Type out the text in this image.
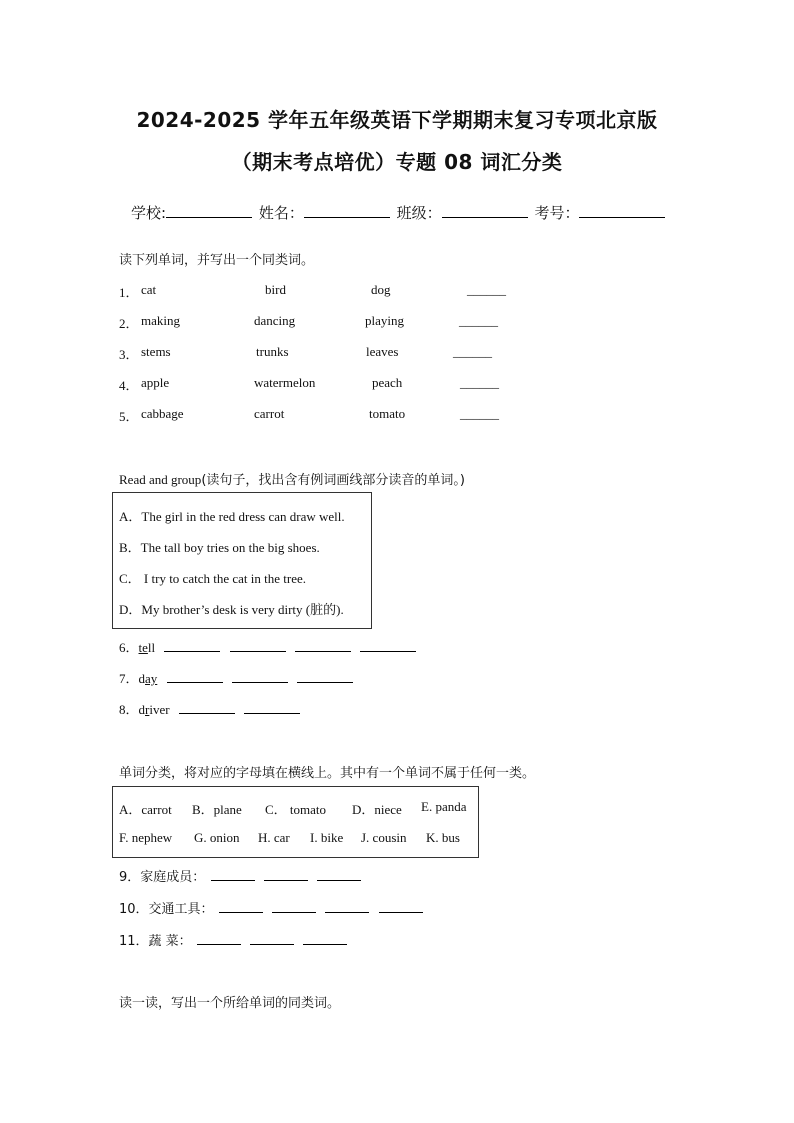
2024-2025 学年五年级英语下学期期末复习专项北京版
（期末考点培优）专题 08 词汇分类
学校:	姓名：	班级：	考号：
读下列单词，并写出一个同类词。
1． cat	bird	dog	______
2． making	dancing	playing	______
3． stems	trunks	leaves	______
4． apple	watermelon	peach	______
5． cabbage	carrot	tomato	______
Read and group(读句子，找出含有例词画线部分读音的单词。)
A．The girl in the red dress can draw well.
B．The tall boy tries on the big shoes.
C． I try to catch the cat in the tree.
D．My brother’s desk is very dirty (脏的).
6．tell
7．day
8．driver
单词分类，将对应的字母填在横线上。其中有一个单词不属于任何一类。
A．carrot B．plane C． tomato D．niece E. panda
F. nephew G. onion H. car I. bike J. cousin K. bus
9．家庭成员：
10．交通工具：
11．蔬 菜：
读一读，写出一个所给单词的同类词。
